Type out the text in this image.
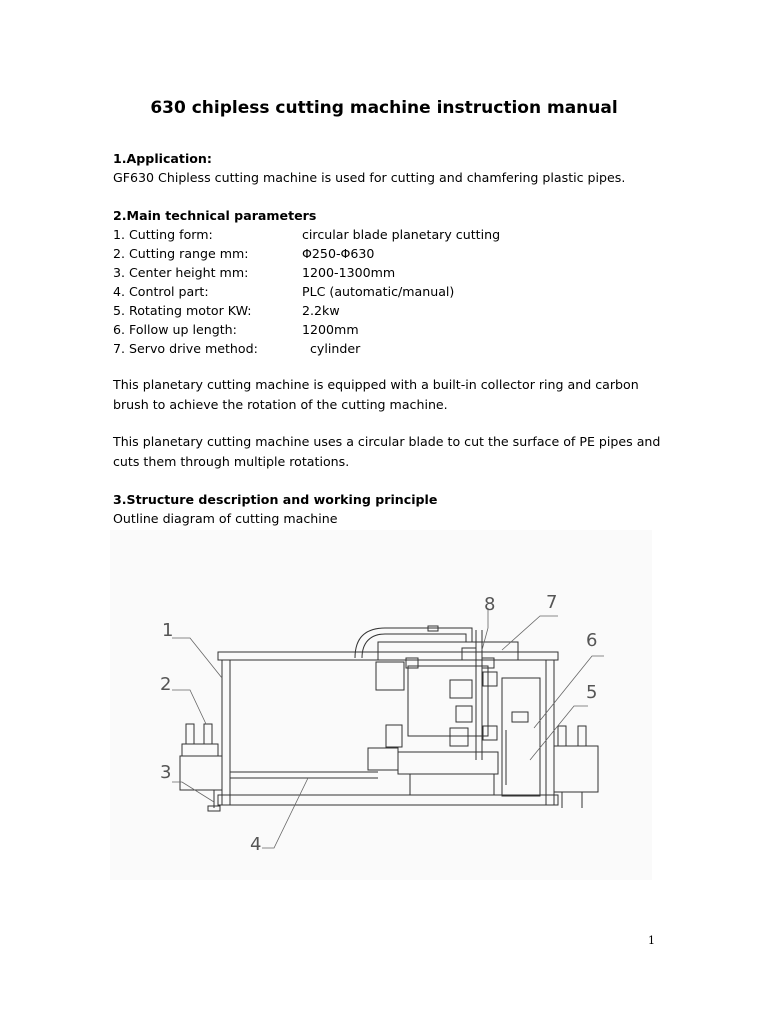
630 chipless cutting machine instruction manual
1.Application:
GF630 Chipless cutting machine is used for cutting and chamfering plastic pipes.
2.Main technical parameters
1. Cutting form:	circular blade planetary cutting
2. Cutting range mm:	Φ250-Φ630
3. Center height mm:	1200-1300mm
4. Control part:	PLC (automatic/manual)
5. Rotating motor KW:	2.2kw
6. Follow up length:	1200mm
7. Servo drive method:	cylinder
This planetary cutting machine is equipped with a built-in collector ring and carbon brush to achieve the rotation of the cutting machine.
This planetary cutting machine uses a circular blade to cut the surface of PE pipes and cuts them through multiple rotations.
3.Structure description and working principle
Outline diagram of cutting machine
1
2
3
4
5
6
7
8
1
